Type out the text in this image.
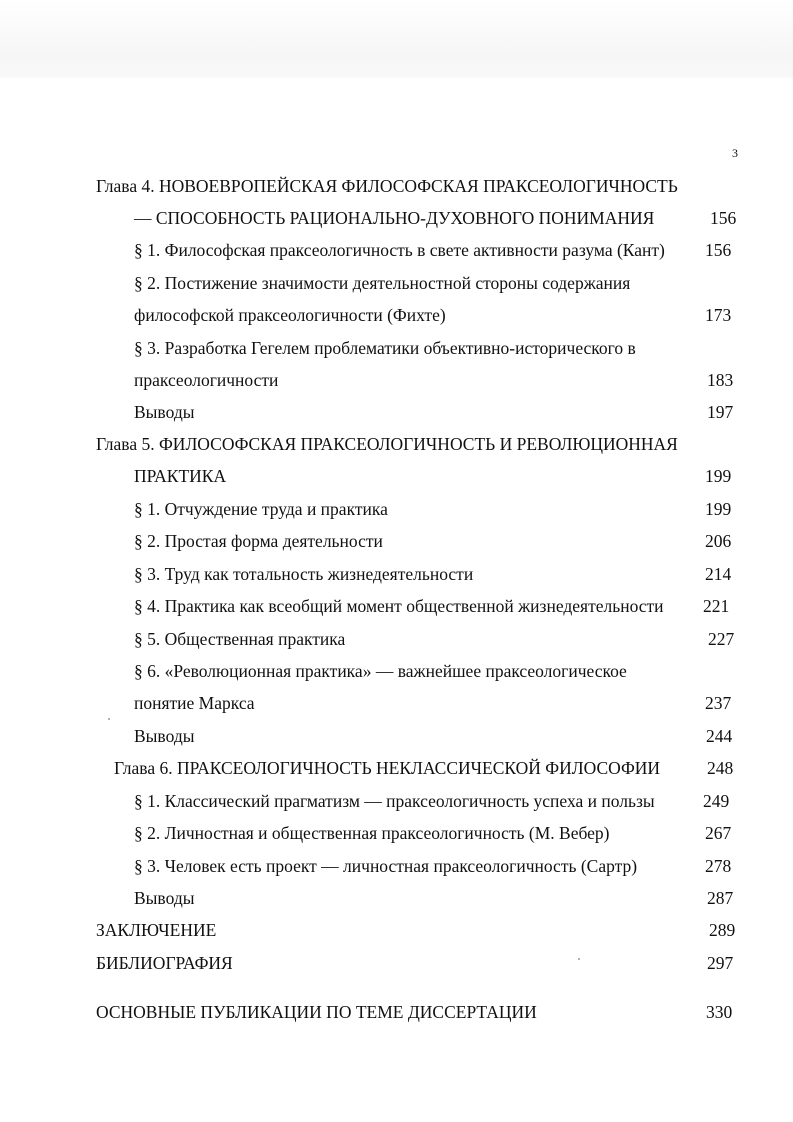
3
Глава 4. НОВОЕВРОПЕЙСКАЯ ФИЛОСОФСКАЯ ПРАКСЕОЛОГИЧНОСТЬ
— СПОСОБНОСТЬ РАЦИОНАЛЬНО-ДУХОВНОГО ПОНИМАНИЯ	156
§ 1. Философская праксеологичность в свете активности разума (Кант) 156
§ 2. Постижение значимости деятельностной стороны содержания
философской праксеологичности (Фихте)	173
§ 3. Разработка Гегелем проблематики объективно-исторического в
праксеологичности	183
Выводы	197
Глава 5. ФИЛОСОФСКАЯ ПРАКСЕОЛОГИЧНОСТЬ И РЕВОЛЮЦИОННАЯ
ПРАКТИКА	199
§ 1. Отчуждение труда и практика	199
§ 2. Простая форма деятельности	206
§ 3. Труд как тотальность жизнедеятельности	214
§ 4. Практика как всеобщий момент общественной жизнедеятельности 221
§ 5. Общественная практика	227
§ 6. «Революционная практика» — важнейшее праксеологическое
понятие Маркса	237
Выводы	244
Глава 6. ПРАКСЕОЛОГИЧНОСТЬ НЕКЛАССИЧЕСКОЙ ФИЛОСОФИИ	248
§ 1. Классический прагматизм — праксеологичность успеха и пользы	249
§ 2. Личностная и общественная праксеологичность (М. Вебер)	267
§ 3. Человек есть проект — личностная праксеологичность (Сартр)	278
Выводы	287
ЗАКЛЮЧЕНИЕ	289
БИБЛИОГРАФИЯ	297
ОСНОВНЫЕ ПУБЛИКАЦИИ ПО ТЕМЕ ДИССЕРТАЦИИ	330
